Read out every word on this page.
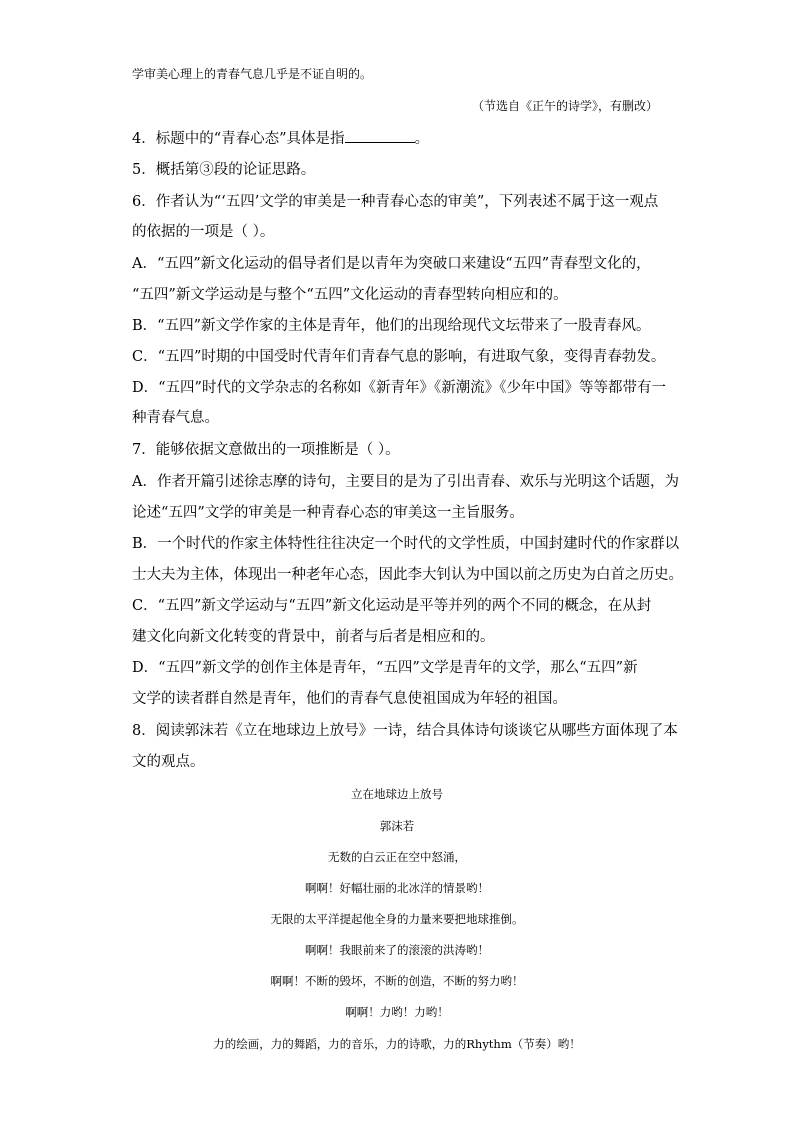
学审美心理上的青春气息几乎是不证自明的。
（节选自《正午的诗学》，有删改）
4．标题中的“青春心态”具体是指	。
5．概括第③段的论证思路。
6．作者认为“‘五四’文学的审美是一种青春心态的审美”，下列表述不属于这一观点
的依据的一项是（ ）。
A．“五四”新文化运动的倡导者们是以青年为突破口来建设“五四”青春型文化的，
“五四”新文学运动是与整个“五四”文化运动的青春型转向相应和的。
B．“五四”新文学作家的主体是青年，他们的出现给现代文坛带来了一股青春风。
C．“五四”时期的中国受时代青年们青春气息的影响，有进取气象，变得青春勃发。
D．“五四”时代的文学杂志的名称如《新青年》《新潮流》《少年中国》等等都带有一
种青春气息。
7．能够依据文意做出的一项推断是（ ）。
A．作者开篇引述徐志摩的诗句，主要目的是为了引出青春、欢乐与光明这个话题，为
论述“五四”文学的审美是一种青春心态的审美这一主旨服务。
B．一个时代的作家主体特性往往决定一个时代的文学性质，中国封建时代的作家群以
士大夫为主体，体现出一种老年心态，因此李大钊认为中国以前之历史为白首之历史。
C．“五四”新文学运动与“五四”新文化运动是平等并列的两个不同的概念，在从封
建文化向新文化转变的背景中，前者与后者是相应和的。
D．“五四”新文学的创作主体是青年，“五四”文学是青年的文学，那么“五四”新
文学的读者群自然是青年，他们的青春气息使祖国成为年轻的祖国。
8．阅读郭沫若《立在地球边上放号》一诗，结合具体诗句谈谈它从哪些方面体现了本
文的观点。
立在地球边上放号
郭沫若
无数的白云正在空中怒涌，
啊啊！好幅壮丽的北冰洋的情景哟！
无限的太平洋提起他全身的力量来要把地球推倒。
啊啊！我眼前来了的滚滚的洪涛哟！
啊啊！不断的毁坏，不断的创造，不断的努力哟！
啊啊！力哟！力哟！
力的绘画，力的舞蹈，力的音乐，力的诗歌，力的Rhythm（节奏）哟！
